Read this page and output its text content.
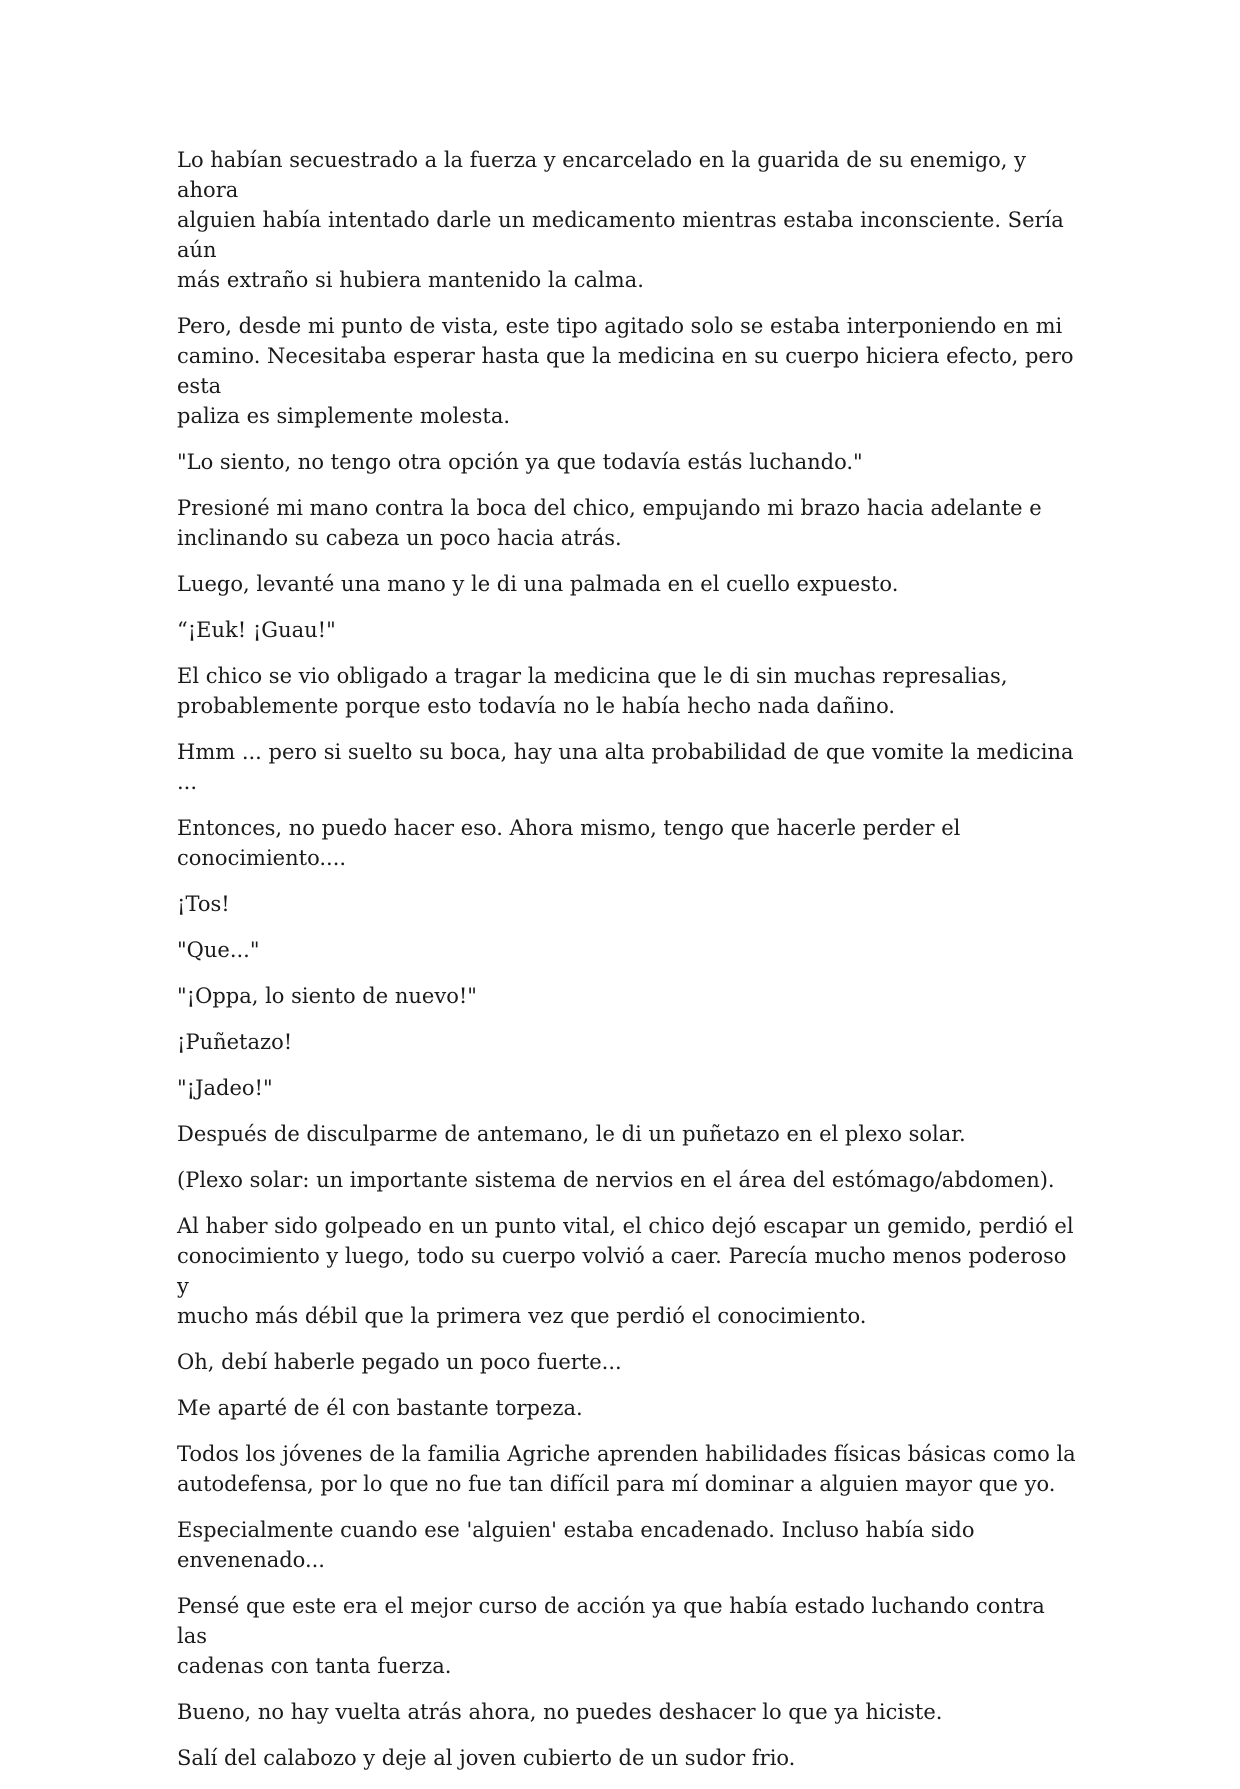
Lo habían secuestrado a la fuerza y encarcelado en la guarida de su enemigo, y ahora
alguien había intentado darle un medicamento mientras estaba inconsciente. Sería aún
más extraño si hubiera mantenido la calma.

Pero, desde mi punto de vista, este tipo agitado solo se estaba interponiendo en mi
camino. Necesitaba esperar hasta que la medicina en su cuerpo hiciera efecto, pero esta
paliza es simplemente molesta.

"Lo siento, no tengo otra opción ya que todavía estás luchando."

Presioné mi mano contra la boca del chico, empujando mi brazo hacia adelante e
inclinando su cabeza un poco hacia atrás.

Luego, levanté una mano y le di una palmada en el cuello expuesto.

“¡Euk! ¡Guau!"

El chico se vio obligado a tragar la medicina que le di sin muchas represalias,
probablemente porque esto todavía no le había hecho nada dañino.

Hmm ... pero si suelto su boca, hay una alta probabilidad de que vomite la medicina ...

Entonces, no puedo hacer eso. Ahora mismo, tengo que hacerle perder el
conocimiento....

¡Tos!

"Que..."

"¡Oppa, lo siento de nuevo!"

¡Puñetazo!

"¡Jadeo!"

Después de disculparme de antemano, le di un puñetazo en el plexo solar.

(Plexo solar: un importante sistema de nervios en el área del estómago/abdomen).

Al haber sido golpeado en un punto vital, el chico dejó escapar un gemido, perdió el
conocimiento y luego, todo su cuerpo volvió a caer. Parecía mucho menos poderoso y
mucho más débil que la primera vez que perdió el conocimiento.

Oh, debí haberle pegado un poco fuerte...

Me aparté de él con bastante torpeza.

Todos los jóvenes de la familia Agriche aprenden habilidades físicas básicas como la
autodefensa, por lo que no fue tan difícil para mí dominar a alguien mayor que yo.

Especialmente cuando ese 'alguien' estaba encadenado. Incluso había sido envenenado...

Pensé que este era el mejor curso de acción ya que había estado luchando contra las
cadenas con tanta fuerza.

Bueno, no hay vuelta atrás ahora, no puedes deshacer lo que ya hiciste.

Salí del calabozo y deje al joven cubierto de un sudor frio.
